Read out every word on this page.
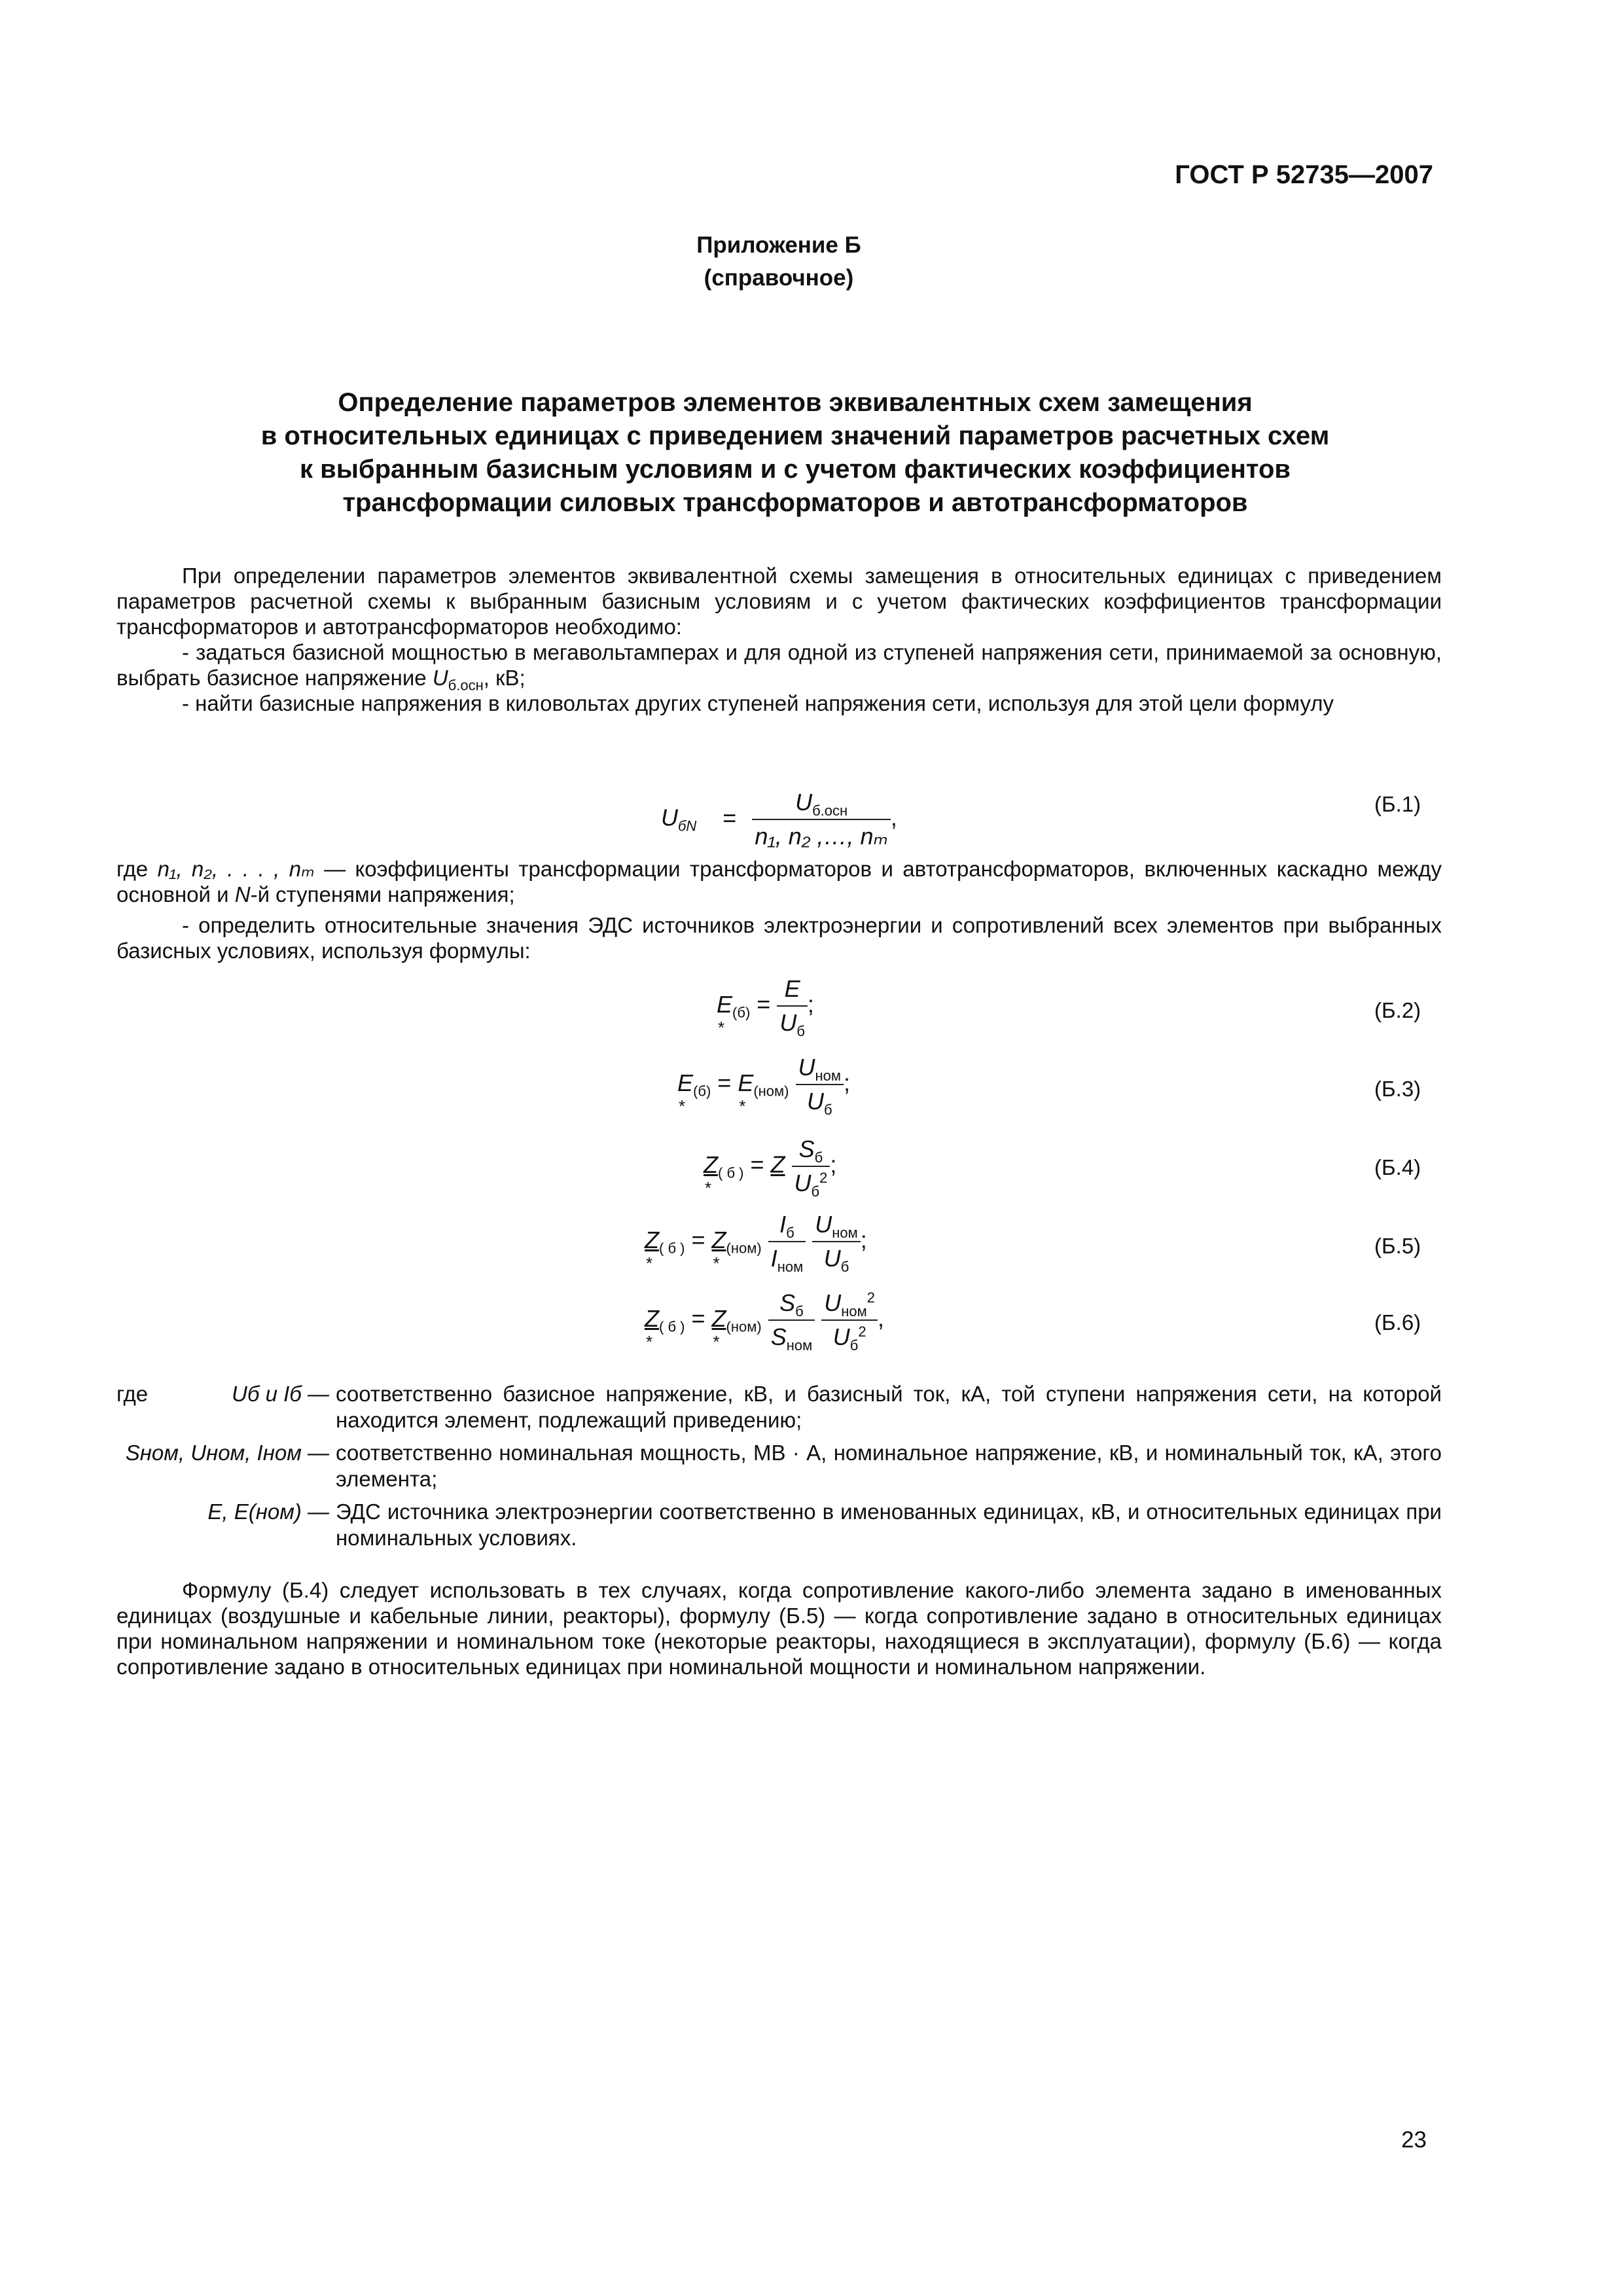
ГОСТ Р 52735—2007
Приложение Б
(справочное)
Определение параметров элементов эквивалентных схем замещения
в относительных единицах с приведением значений параметров расчетных схем
к выбранным базисным условиям и с учетом фактических коэффициентов
трансформации силовых трансформаторов и автотрансформаторов

При определении параметров элементов эквивалентной схемы замещения в относительных единицах с приведением параметров расчетной схемы к выбранным базисным условиям и с учетом фактических коэффициентов трансформации трансформаторов и автотрансформаторов необходимо:

- задаться базисной мощностью в мегавольтамперах и для одной из ступеней напряжения сети, принимаемой за основную, выбрать базисное напряжение $U_{б.осн}$, кВ;

- найти базисные напряжения в киловольтах других ступеней напряжения сети, используя для этой цели формулу

$U_{бN} = \frac{U_{б.осн}}{\text{n₁, n₂ ,…, nₘ}}$ ,
(Б.1)

где n₁, n₂, . . . , nₘ — коэффициенты трансформации трансформаторов и автотрансформаторов, включенных каскадно между основной и N-й ступенями напряжения;

- определить относительные значения ЭДС источников электроэнергии и сопротивлений всех элементов при выбранных базисных условиях, используя формулы:

E $*_{(б)} = \frac{E}{U_б}$ ;	(Б.2)
E $*_{(б)} = E$ $*_{(ном)} \frac{U_{ном}}{U_б}$ ;	(Б.3)
Z $*_{( б )} = Z \frac{S_б}{U_б^2}$ ;	(Б.4)
Z $*_{( б )} = Z$ $*_{(ном)} \frac{I_б}{I_{ном}}$
$\frac{U_{ном}}{U_б}$ ;	(Б.5)
Z $*_{( б )} = Z$ $*_{(ном)} \frac{S_б}{S_{ном}}$
$\frac{U_{ном}^2}{U_б^2}$ ,	(Б.6)
где	Uб и Iб — соответственно базисное напряжение, кВ, и базисный ток, кА, той ступени напряжения сети, на которой находится элемент, подлежащий приведению;
Sном, Uном, Iном — соответственно номинальная мощность, МВ · А, номинальное напряжение, кВ, и номинальный ток, кА, этого элемента;
E, E(ном) — ЭДС источника электроэнергии соответственно в именованных единицах, кВ, и относительных единицах при номинальных условиях.

Формулу (Б.4) следует использовать в тех случаях, когда сопротивление какого-либо элемента задано в именованных единицах (воздушные и кабельные линии, реакторы), формулу (Б.5) — когда сопротивление задано в относительных единицах при номинальном напряжении и номинальном токе (некоторые реакторы, находящиеся в эксплуатации), формулу (Б.6) — когда сопротивление задано в относительных единицах при номинальной мощности и номинальном напряжении.

23
